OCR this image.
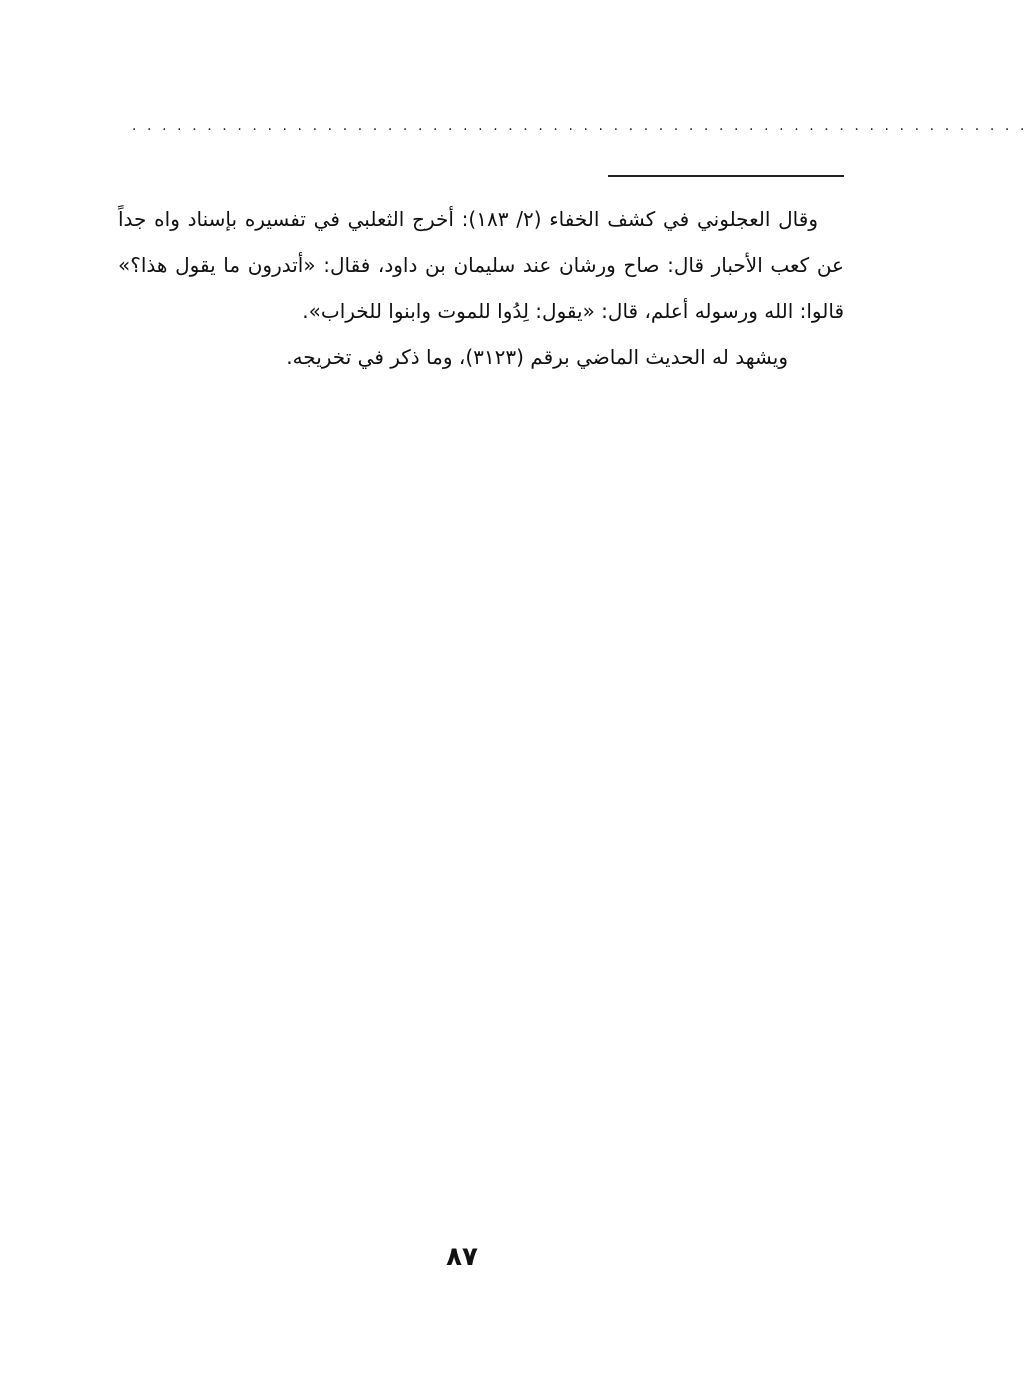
............................................................

وقال العجلوني في كشف الخفاء (٢/ ١٨٣): أخرج الثعلبي في تفسيره بإسناد واه جداً عن كعب الأحبار قال: صاح ورشان عند سليمان بن داود، فقال: «أتدرون ما يقول هذا؟» قالوا: الله ورسوله أعلم، قال: «يقول: لِدُوا للموت وابنوا للخراب».

ويشهد له الحديث الماضي برقم (٣١٢٣)، وما ذكر في تخريجه.

٨٧
